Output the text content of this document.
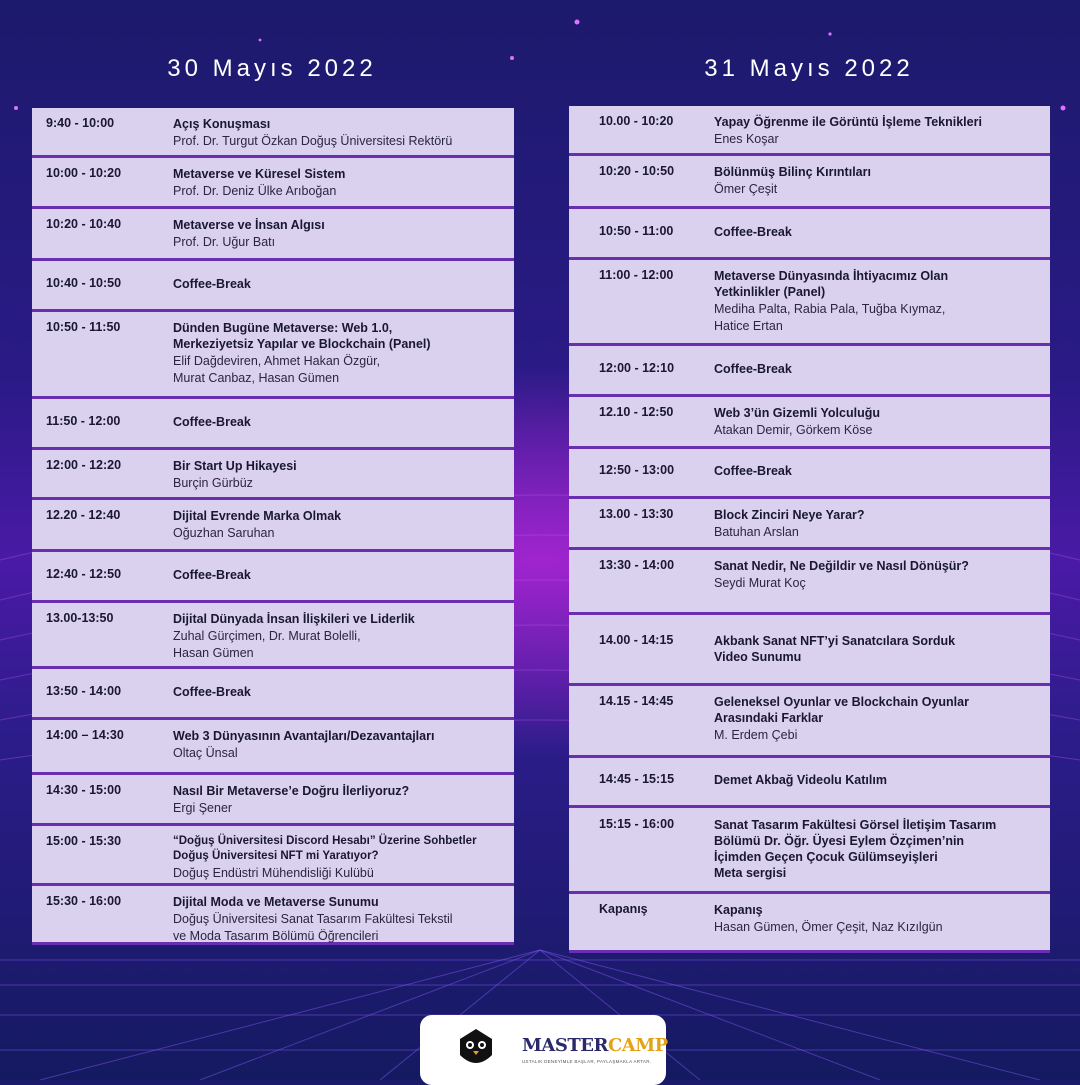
30 Mayıs 2022	31 Mayıs 2022
9:40 - 10:00	Açış Konuşması
Prof. Dr. Turgut Özkan Doğuş Üniversitesi Rektörü
10:00 - 10:20	Metaverse ve Küresel Sistem
Prof. Dr. Deniz Ülke Arıboğan
10:20 - 10:40	Metaverse ve İnsan Algısı
Prof. Dr. Uğur Batı
10:40 - 10:50	Coffee-Break
10:50 - 11:50	Dünden Bugüne Metaverse: Web 1.0,
Merkeziyetsiz Yapılar ve Blockchain (Panel)
Elif Dağdeviren, Ahmet Hakan Özgür,
Murat Canbaz, Hasan Gümen
11:50 - 12:00	Coffee-Break
12:00 - 12:20	Bir Start Up Hikayesi
Burçin Gürbüz
12.20 - 12:40	Dijital Evrende Marka Olmak
Oğuzhan Saruhan
12:40 - 12:50	Coffee-Break
13.00-13:50	Dijital Dünyada İnsan İlişkileri ve Liderlik
Zuhal Gürçimen, Dr. Murat Bolelli,
Hasan Gümen
13:50 - 14:00	Coffee-Break
14:00 – 14:30	Web 3 Dünyasının Avantajları/Dezavantajları
Oltaç Ünsal
14:30 - 15:00	Nasıl Bir Metaverse’e Doğru İlerliyoruz?
Ergi Şener
15:00 - 15:30	“Doğuş Üniversitesi Discord Hesabı” Üzerine Sohbetler
Doğuş Üniversitesi NFT mi Yaratıyor?
Doğuş Endüstri Mühendisliği Kulübü
15:30 - 16:00	Dijital Moda ve Metaverse Sunumu
Doğuş Üniversitesi Sanat Tasarım Fakültesi Tekstil
ve Moda Tasarım Bölümü Öğrencileri
10.00 - 10:20	Yapay Öğrenme ile Görüntü İşleme Teknikleri
Enes Koşar
10:20 - 10:50	Bölünmüş Bilinç Kırıntıları
Ömer Çeşit
10:50 - 11:00	Coffee-Break
11:00 - 12:00	Metaverse Dünyasında İhtiyacımız Olan
Yetkinlikler (Panel)
Mediha Palta, Rabia Pala, Tuğba Kıymaz,
Hatice Ertan
12:00 - 12:10	Coffee-Break
12.10 - 12:50	Web 3’ün Gizemli Yolculuğu
Atakan Demir, Görkem Köse
12:50 - 13:00	Coffee-Break
13.00 - 13:30	Block Zinciri Neye Yarar?
Batuhan Arslan
13:30 - 14:00	Sanat Nedir, Ne Değildir ve Nasıl Dönüşür?
Seydi Murat Koç
14.00 - 14:15	Akbank Sanat NFT’yi Sanatcılara Sorduk
Video Sunumu
14.15 - 14:45	Geleneksel Oyunlar ve Blockchain Oyunlar
Arasındaki Farklar
M. Erdem Çebi
14:45 - 15:15	Demet Akbağ Videolu Katılım
15:15 - 16:00	Sanat Tasarım Fakültesi Görsel İletişim Tasarım
Bölümü Dr. Öğr. Üyesi Eylem Özçimen’nin
İçimden Geçen Çocuk Gülümseyişleri
Meta sergisi
Kapanış	Kapanış
Hasan Gümen, Ömer Çeşit, Naz Kızılgün
MASTERCAMP
USTALIK DENEYİMLE BAŞLAR, PAYLAŞMAKLA ARTAR.
